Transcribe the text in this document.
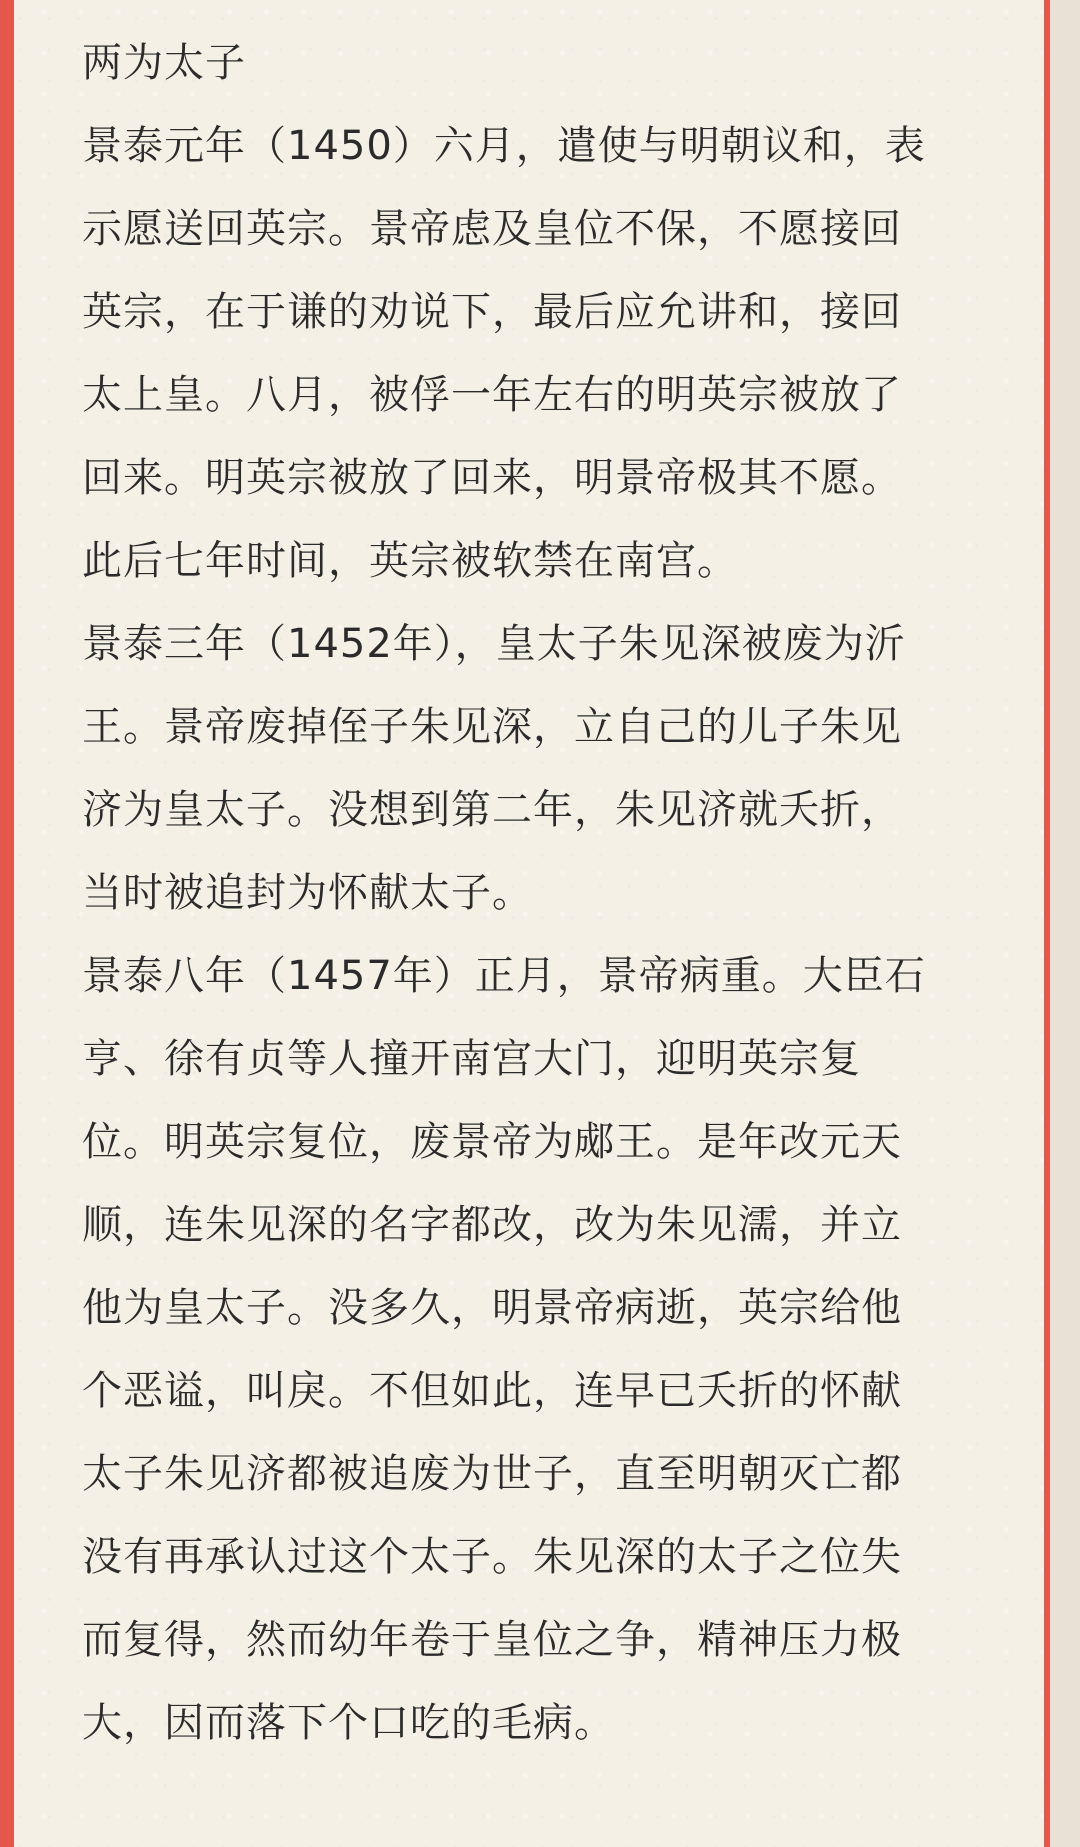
两为太子

景泰元年（1450）六月，遣使与明朝议和，表
示愿送回英宗。景帝虑及皇位不保，不愿接回
英宗，在于谦的劝说下，最后应允讲和，接回
太上皇。八月，被俘一年左右的明英宗被放了
回来。明英宗被放了回来，明景帝极其不愿。
此后七年时间，英宗被软禁在南宫。

景泰三年（1452年），皇太子朱见深被废为沂
王。景帝废掉侄子朱见深，立自己的儿子朱见
济为皇太子。没想到第二年，朱见济就夭折，
当时被追封为怀献太子。

景泰八年（1457年）正月，景帝病重。大臣石
亨、徐有贞等人撞开南宫大门，迎明英宗复
位。明英宗复位，废景帝为郕王。是年改元天
顺，连朱见深的名字都改，改为朱见濡，并立
他为皇太子。没多久，明景帝病逝，英宗给他
个恶谥，叫戾。不但如此，连早已夭折的怀献
太子朱见济都被追废为世子，直至明朝灭亡都
没有再承认过这个太子。朱见深的太子之位失
而复得，然而幼年卷于皇位之争，精神压力极
大，因而落下个口吃的毛病。
